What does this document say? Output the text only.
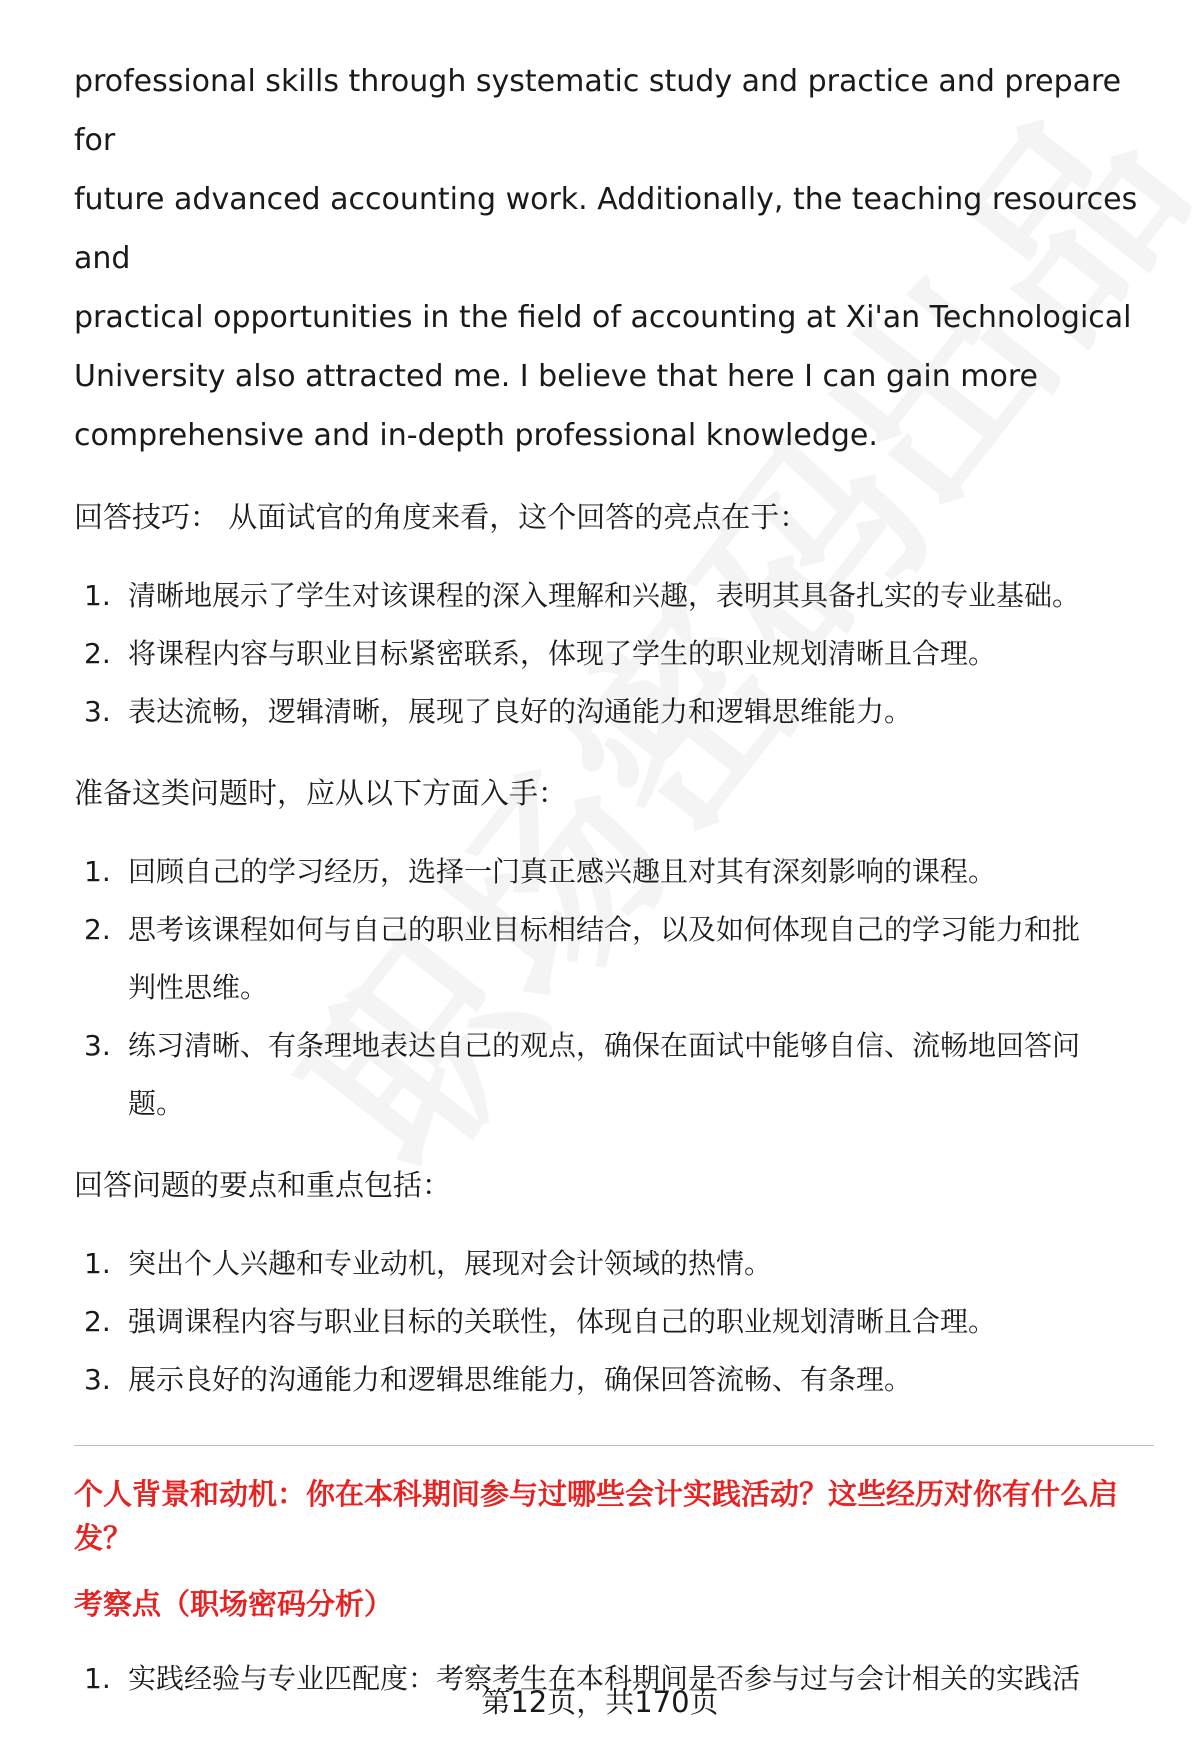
professional skills through systematic study and practice and prepare for

future advanced accounting work. Additionally, the teaching resources and

practical opportunities in the field of accounting at Xi'an Technological

University also attracted me. I believe that here I can gain more

comprehensive and in-depth professional knowledge.

回答技巧： 从面试官的角度来看，这个回答的亮点在于：

1. 清晰地展示了学生对该课程的深入理解和兴趣，表明其具备扎实的专业基础。
2. 将课程内容与职业目标紧密联系，体现了学生的职业规划清晰且合理。
3. 表达流畅，逻辑清晰，展现了良好的沟通能力和逻辑思维能力。

准备这类问题时，应从以下方面入手：

1. 回顾自己的学习经历，选择一门真正感兴趣且对其有深刻影响的课程。
2. 思考该课程如何与自己的职业目标相结合，以及如何体现自己的学习能力和批
判性思维。
3. 练习清晰、有条理地表达自己的观点，确保在面试中能够自信、流畅地回答问
题。

回答问题的要点和重点包括：

1. 突出个人兴趣和专业动机，展现对会计领域的热情。
2. 强调课程内容与职业目标的关联性，体现自己的职业规划清晰且合理。
3. 展示良好的沟通能力和逻辑思维能力，确保回答流畅、有条理。

个人背景和动机：你在本科期间参与过哪些会计实践活动？这些经历对你有什么启

发？

考察点（职场密码分析）

1. 实践经验与专业匹配度：考察考生在本科期间是否参与过与会计相关的实践活
第12页，共170页
